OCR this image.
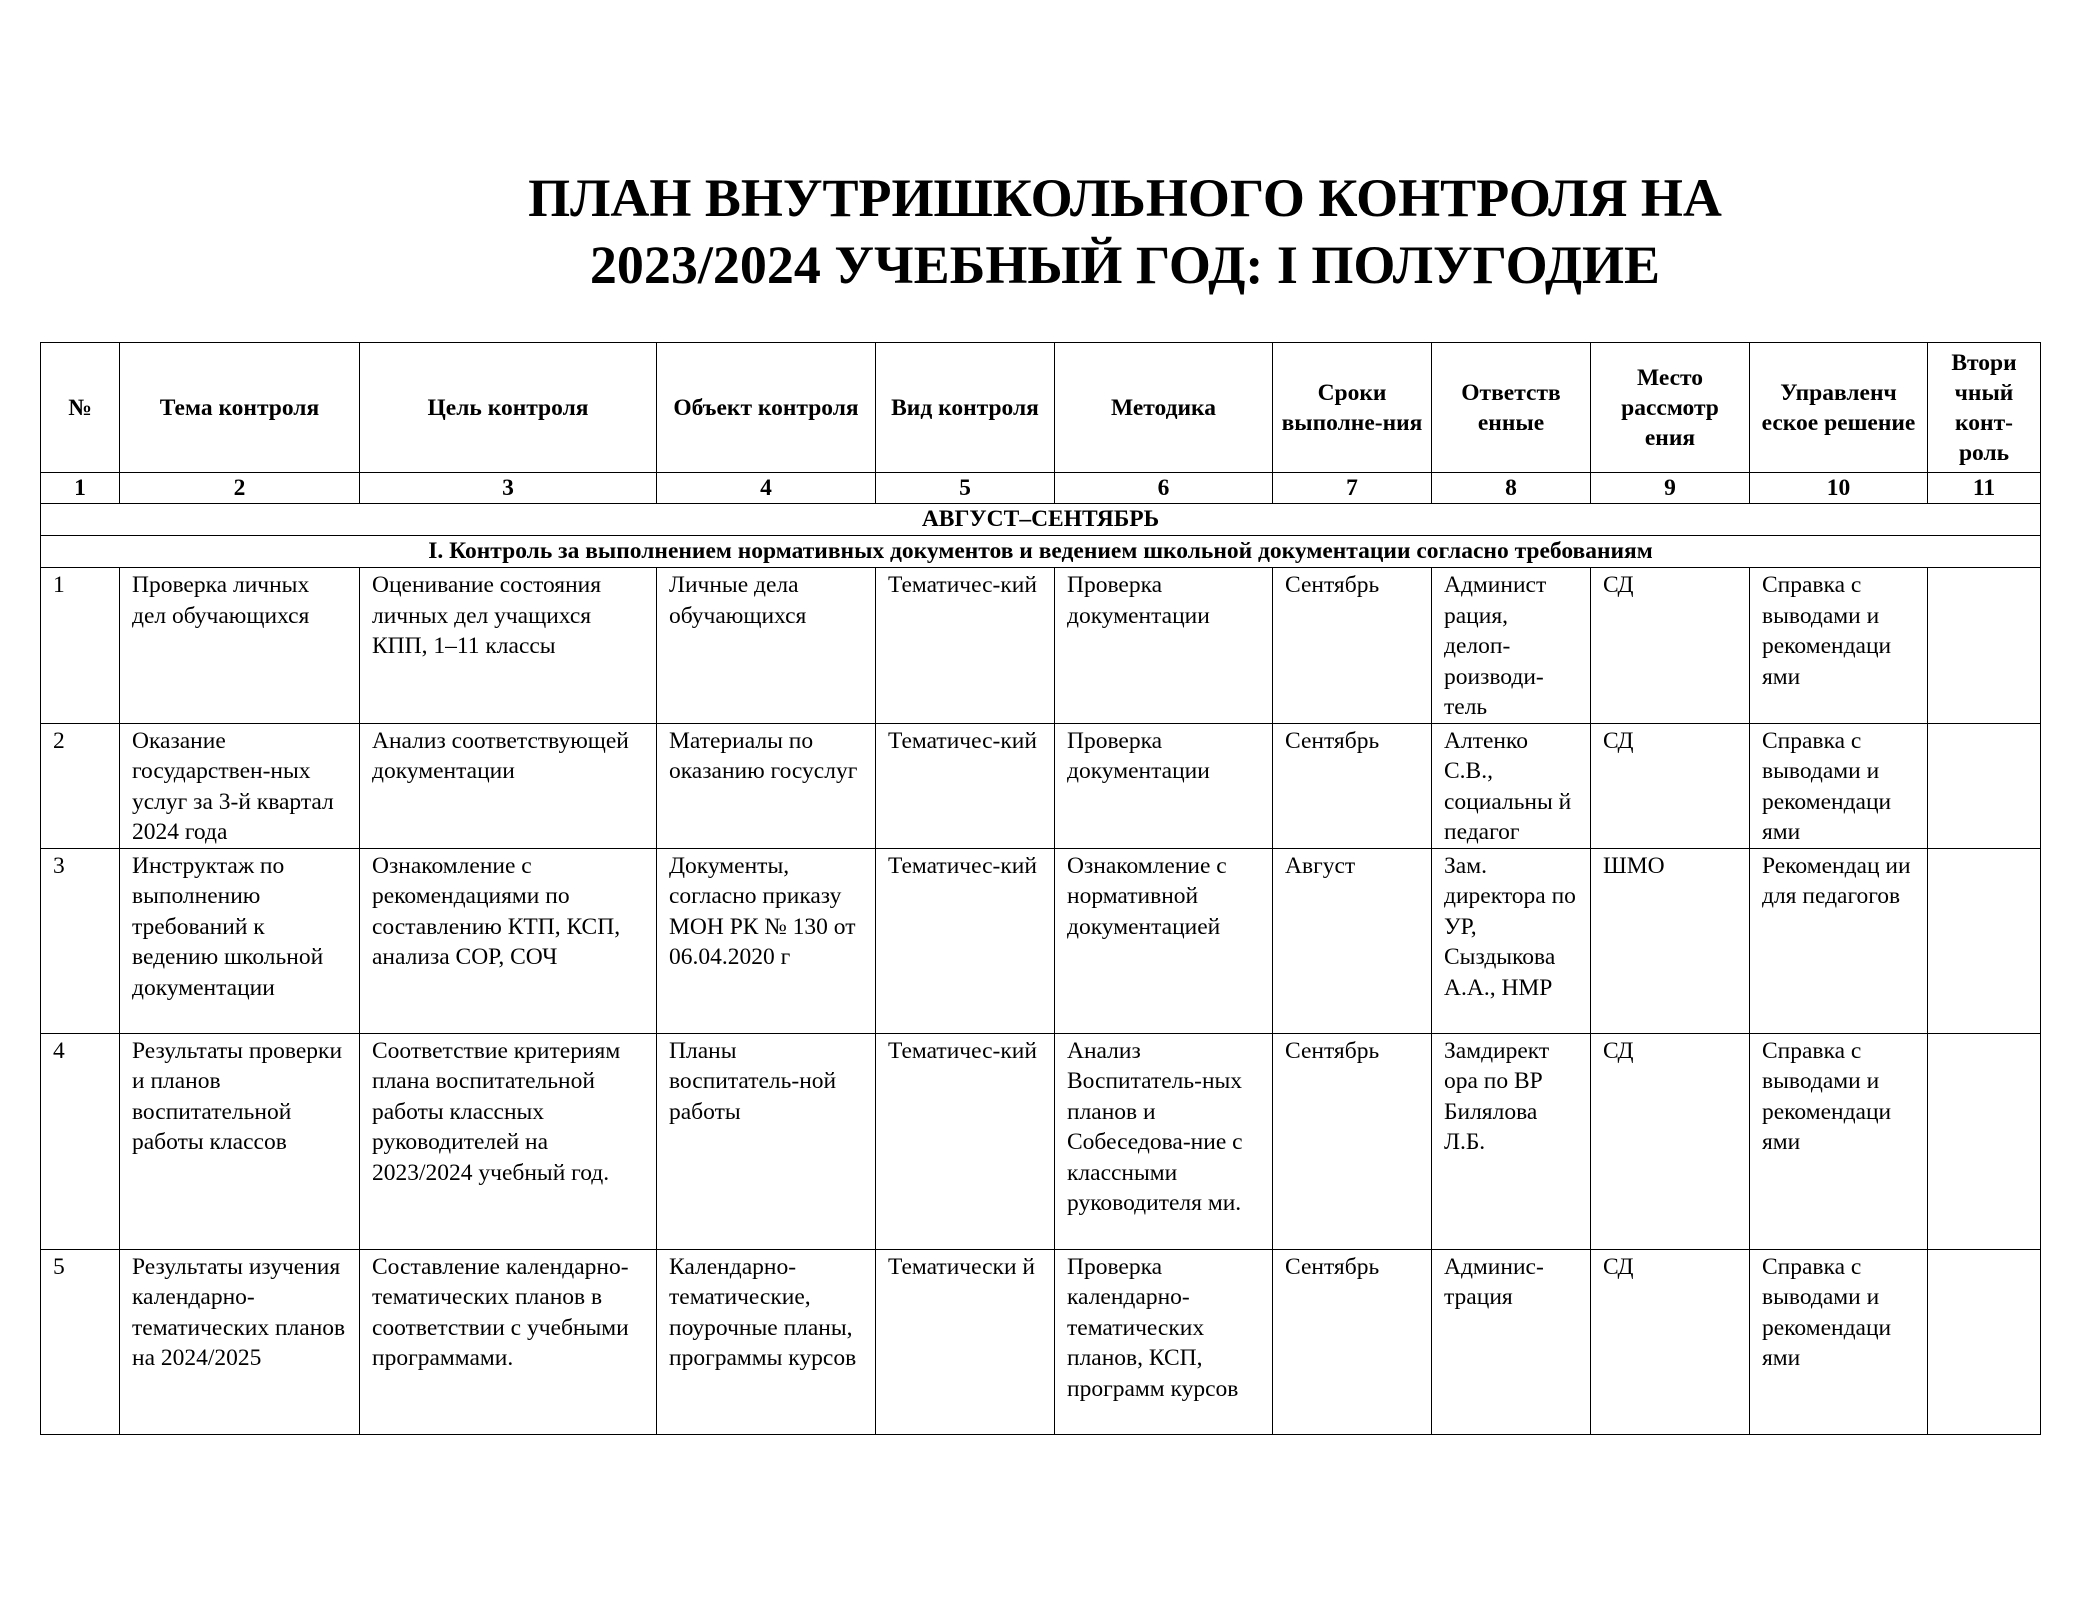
ПЛАН ВНУТРИШКОЛЬНОГО КОНТРОЛЯ НА
2023/2024 УЧЕБНЫЙ ГОД: I ПОЛУГОДИЕ
№	Тема контроля	Цель контроля	Объект контроля	Вид контроля	Методика	Сроки выполне-ния	Ответств енные	Место рассмотр ения	Управленч еское решение	Втори чный конт-роль
1	2	3	4	5	6	7	8	9	10	11
АВГУСТ–СЕНТЯБРЬ										
I. Контроль за выполнением нормативных документов и ведением школьной документации согласно требованиям										
1	Проверка личных дел обучающихся	Оценивание состояния личных дел учащихся КПП, 1–11 классы	Личные дела обучающихся	Тематичес-кий	Проверка документации	Сентябрь	Админист рация, делоп-роизводи-тель	СД	Справка с выводами и рекомендаци ями	
2	Оказание государствен-ных услуг за 3-й квартал 2024 года	Анализ соответствующей документации	Материалы по оказанию госуслуг	Тематичес-кий	Проверка документации	Сентябрь	Алтенко С.В., социальны й педагог	СД	Справка с выводами и рекомендаци ями	
3	Инструктаж по выполнению требований к ведению школьной документации	Ознакомление с рекомендациями по составлению КТП, КСП, анализа СОР, СОЧ	Документы, согласно приказу МОН РК № 130 от 06.04.2020 г	Тематичес-кий	Ознакомление с нормативной документацией	Август	Зам. директора по УР, Сыздыкова А.А., НМР	ШМО	Рекомендац ии для педагогов	
4	Результаты проверки и планов воспитательной работы классов	Соответствие критериям плана воспитательной работы классных руководителей на 2023/2024 учебный год.	Планы воспитатель-ной работы	Тематичес-кий	Анализ Воспитатель-ных планов и Собеседова-ние с классными руководителя ми.	Сентябрь	Замдирект ора по ВР Билялова Л.Б.	СД	Справка с выводами и рекомендаци ями	
5	Результаты изучения календарно-тематических планов на 2024/2025	Составление календарно-тематических планов в соответствии с учебными программами.	Календарно-тематические, поурочные планы, программы курсов	Тематически й	Проверка календарно-тематических планов, КСП, программ курсов	Сентябрь	Админис-трация	СД	Справка с выводами и рекомендаци ями	
